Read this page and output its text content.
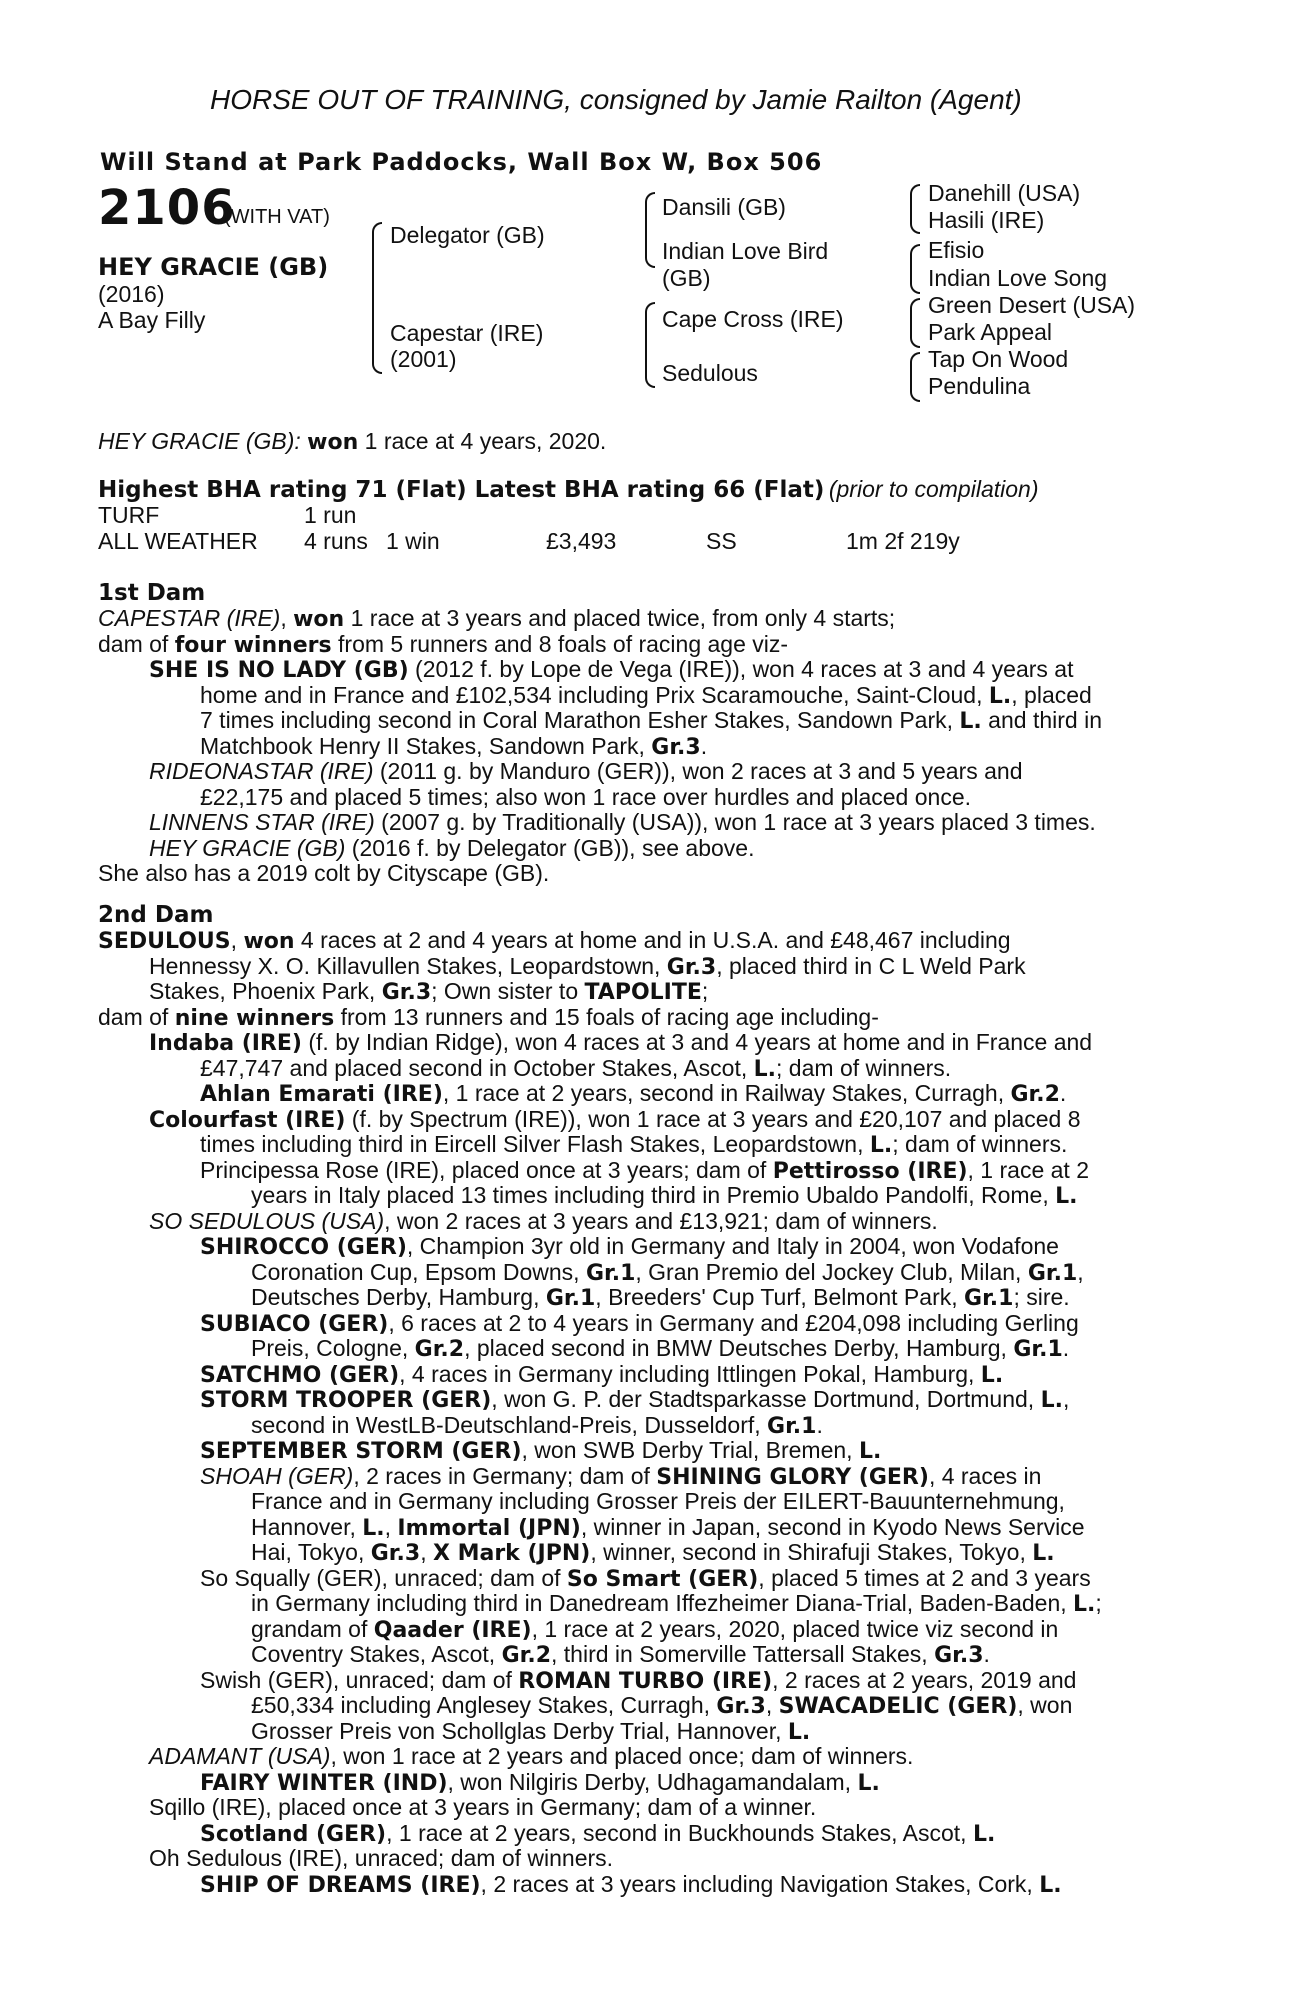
HORSE OUT OF TRAINING, consigned by Jamie Railton (Agent)
Will Stand at Park Paddocks, Wall Box W, Box 506
2106
(WITH VAT)
HEY GRACIE (GB)
(2016)
A Bay Filly
Delegator (GB)
Capestar (IRE)
(2001)
Dansili (GB)
Indian Love Bird
(GB)
Cape Cross (IRE)
Sedulous
Danehill (USA)
Hasili (IRE)
Efisio
Indian Love Song
Green Desert (USA)
Park Appeal
Tap On Wood
Pendulina
HEY GRACIE (GB): won 1 race at 4 years, 2020.
Highest BHA rating 71 (Flat) Latest BHA rating 66 (Flat) (prior to compilation)
TURF	1 run
ALL WEATHER 4 runs 1 win	£3,493	SS	1m 2f 219y
1st Dam
CAPESTAR (IRE), won 1 race at 3 years and placed twice, from only 4 starts;
dam of four winners from 5 runners and 8 foals of racing age viz-
SHE IS NO LADY (GB) (2012 f. by Lope de Vega (IRE)), won 4 races at 3 and 4 years at
home and in France and £102,534 including Prix Scaramouche, Saint-Cloud, L., placed
7 times including second in Coral Marathon Esher Stakes, Sandown Park, L. and third in
Matchbook Henry II Stakes, Sandown Park, Gr.3.
RIDEONASTAR (IRE) (2011 g. by Manduro (GER)), won 2 races at 3 and 5 years and
£22,175 and placed 5 times; also won 1 race over hurdles and placed once.
LINNENS STAR (IRE) (2007 g. by Traditionally (USA)), won 1 race at 3 years placed 3 times.
HEY GRACIE (GB) (2016 f. by Delegator (GB)), see above.
She also has a 2019 colt by Cityscape (GB).
2nd Dam
SEDULOUS, won 4 races at 2 and 4 years at home and in U.S.A. and £48,467 including
Hennessy X. O. Killavullen Stakes, Leopardstown, Gr.3, placed third in C L Weld Park
Stakes, Phoenix Park, Gr.3; Own sister to TAPOLITE;
dam of nine winners from 13 runners and 15 foals of racing age including-
Indaba (IRE) (f. by Indian Ridge), won 4 races at 3 and 4 years at home and in France and
£47,747 and placed second in October Stakes, Ascot, L.; dam of winners.
Ahlan Emarati (IRE), 1 race at 2 years, second in Railway Stakes, Curragh, Gr.2.
Colourfast (IRE) (f. by Spectrum (IRE)), won 1 race at 3 years and £20,107 and placed 8
times including third in Eircell Silver Flash Stakes, Leopardstown, L.; dam of winners.
Principessa Rose (IRE), placed once at 3 years; dam of Pettirosso (IRE), 1 race at 2
years in Italy placed 13 times including third in Premio Ubaldo Pandolfi, Rome, L.
SO SEDULOUS (USA), won 2 races at 3 years and £13,921; dam of winners.
SHIROCCO (GER), Champion 3yr old in Germany and Italy in 2004, won Vodafone
Coronation Cup, Epsom Downs, Gr.1, Gran Premio del Jockey Club, Milan, Gr.1,
Deutsches Derby, Hamburg, Gr.1, Breeders' Cup Turf, Belmont Park, Gr.1; sire.
SUBIACO (GER), 6 races at 2 to 4 years in Germany and £204,098 including Gerling
Preis, Cologne, Gr.2, placed second in BMW Deutsches Derby, Hamburg, Gr.1.
SATCHMO (GER), 4 races in Germany including Ittlingen Pokal, Hamburg, L.
STORM TROOPER (GER), won G. P. der Stadtsparkasse Dortmund, Dortmund, L.,
second in WestLB-Deutschland-Preis, Dusseldorf, Gr.1.
SEPTEMBER STORM (GER), won SWB Derby Trial, Bremen, L.
SHOAH (GER), 2 races in Germany; dam of SHINING GLORY (GER), 4 races in
France and in Germany including Grosser Preis der EILERT-Bauunternehmung,
Hannover, L., Immortal (JPN), winner in Japan, second in Kyodo News Service
Hai, Tokyo, Gr.3, X Mark (JPN), winner, second in Shirafuji Stakes, Tokyo, L.
So Squally (GER), unraced; dam of So Smart (GER), placed 5 times at 2 and 3 years
in Germany including third in Danedream Iffezheimer Diana-Trial, Baden-Baden, L.;
grandam of Qaader (IRE), 1 race at 2 years, 2020, placed twice viz second in
Coventry Stakes, Ascot, Gr.2, third in Somerville Tattersall Stakes, Gr.3.
Swish (GER), unraced; dam of ROMAN TURBO (IRE), 2 races at 2 years, 2019 and
£50,334 including Anglesey Stakes, Curragh, Gr.3, SWACADELIC (GER), won
Grosser Preis von Schollglas Derby Trial, Hannover, L.
ADAMANT (USA), won 1 race at 2 years and placed once; dam of winners.
FAIRY WINTER (IND), won Nilgiris Derby, Udhagamandalam, L.
Sqillo (IRE), placed once at 3 years in Germany; dam of a winner.
Scotland (GER), 1 race at 2 years, second in Buckhounds Stakes, Ascot, L.
Oh Sedulous (IRE), unraced; dam of winners.
SHIP OF DREAMS (IRE), 2 races at 3 years including Navigation Stakes, Cork, L.
